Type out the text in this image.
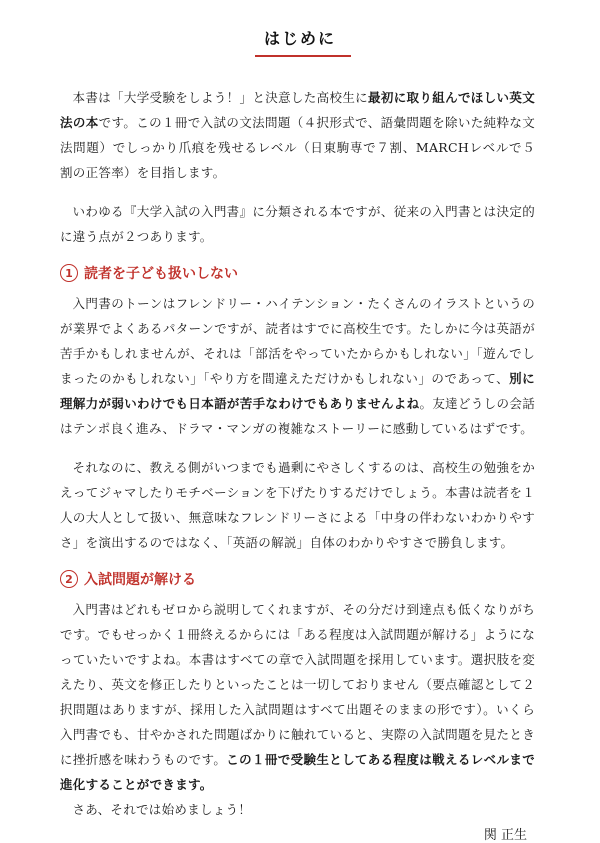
はじめに

本書は「大学受験をしよう！」と決意した高校生に最初に取り組んでほしい英文法の本です。この１冊で入試の文法問題（４択形式で、語彙問題を除いた純粋な文法問題）でしっかり爪痕を残せるレベル（日東駒専で７割、MARCHレベルで５割の正答率）を目指します。

いわゆる『大学入試の入門書』に分類される本ですが、従来の入門書とは決定的に違う点が２つあります。

1 読者を子ども扱いしない

入門書のトーンはフレンドリー・ハイテンション・たくさんのイラストというのが業界でよくあるパターンですが、読者はすでに高校生です。たしかに今は英語が苦手かもしれませんが、それは「部活をやっていたからかもしれない」「遊んでしまったのかもしれない」「やり方を間違えただけかもしれない」のであって、別に理解力が弱いわけでも日本語が苦手なわけでもありませんよね。友達どうしの会話はテンポ良く進み、ドラマ・マンガの複雑なストーリーに感動しているはずです。

それなのに、教える側がいつまでも過剰にやさしくするのは、高校生の勉強をかえってジャマしたりモチベーションを下げたりするだけでしょう。本書は読者を１人の大人として扱い、無意味なフレンドリーさによる「中身の伴わないわかりやすさ」を演出するのではなく、「英語の解説」自体のわかりやすさで勝負します。

2 入試問題が解ける

入門書はどれもゼロから説明してくれますが、その分だけ到達点も低くなりがちです。でもせっかく１冊終えるからには「ある程度は入試問題が解ける」ようになっていたいですよね。本書はすべての章で入試問題を採用しています。選択肢を変えたり、英文を修正したりといったことは一切しておりません（要点確認として２択問題はありますが、採用した入試問題はすべて出題そのままの形です）。いくら入門書でも、甘やかされた問題ばかりに触れていると、実際の入試問題を見たときに挫折感を味わうものです。この１冊で受験生としてある程度は戦えるレベルまで進化することができます。

さあ、それでは始めましょう！

関 正生
